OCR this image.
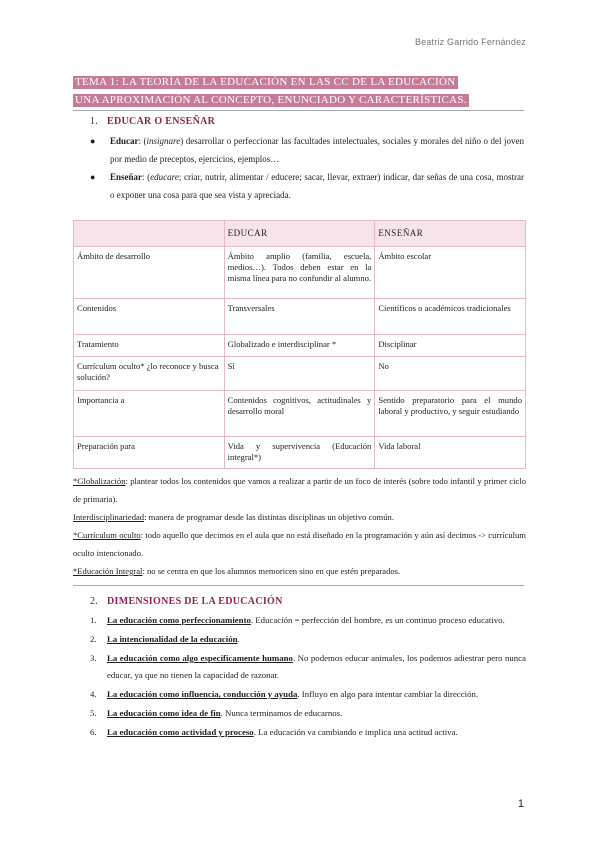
Beatriz Garrido Fernández
TEMA 1: LA TEORÍA DE LA EDUCACIÓN EN LAS CC DE LA EDUCACIÓN
UNA APROXIMACIÓN AL CONCEPTO, ENUNCIADO Y CARACTERÍSTICAS.
1. EDUCAR O ENSEÑAR

● Educar: (insignare) desarrollar o perfeccionar las facultades intelectuales, sociales y morales del niño o del joven por medio de preceptos, ejercicios, ejemplos…

● Enseñar: (educare; criar, nutrir, alimentar / educere; sacar, llevar, extraer) indicar, dar señas de una cosa, mostrar o exponer una cosa para que sea vista y apreciada.

	EDUCAR	ENSEÑAR
Ámbito de desarrollo	Ámbito amplio (familia, escuela, medios…). Todos deben estar en la misma línea para no confundir al alumno.	Ámbito escolar
Contenidos	Transversales	Científicos o académicos tradicionales
Tratamiento	Globalizado e interdisciplinar *	Disciplinar
Currículum oculto* ¿lo reconoce y busca solución?	Sí	No
Importancia a	Contenidos cognitivos, actitudinales y desarrollo moral	Sentido preparatorio para el mundo laboral y productivo, y seguir estudiando
Preparación para	Vida y supervivencia (Educación integral*)	Vida laboral

*Globalización: plantear todos los contenidos que vamos a realizar a partir de un foco de interés (sobre todo infantil y primer ciclo de primaria).

Interdisciplinariedad: manera de programar desde las distintas disciplinas un objetivo común.

*Currículum oculto: todo aquello que decimos en el aula que no está diseñado en la programación y aún así decimos -> currículum oculto intencionado.

*Educación Integral: no se centra en que los alumnos memoricen sino en que estén preparados.

2. DIMENSIONES DE LA EDUCACIÓN

1. La educación como perfeccionamiento. Educación = perfección del hombre, es un continuo proceso educativo.

2. La intencionalidad de la educación.

3. La educación como algo específicamente humano. No podemos educar animales, los podemos adiestrar pero nunca educar, ya que no tienen la capacidad de razonar.

4. La educación como influencia, conducción y ayuda. Influyo en algo para intentar cambiar la dirección.

5. La educación como idea de fin. Nunca terminamos de educarnos.

6. La educación como actividad y proceso. La educación va cambiando e implica una actitud activa.

1
